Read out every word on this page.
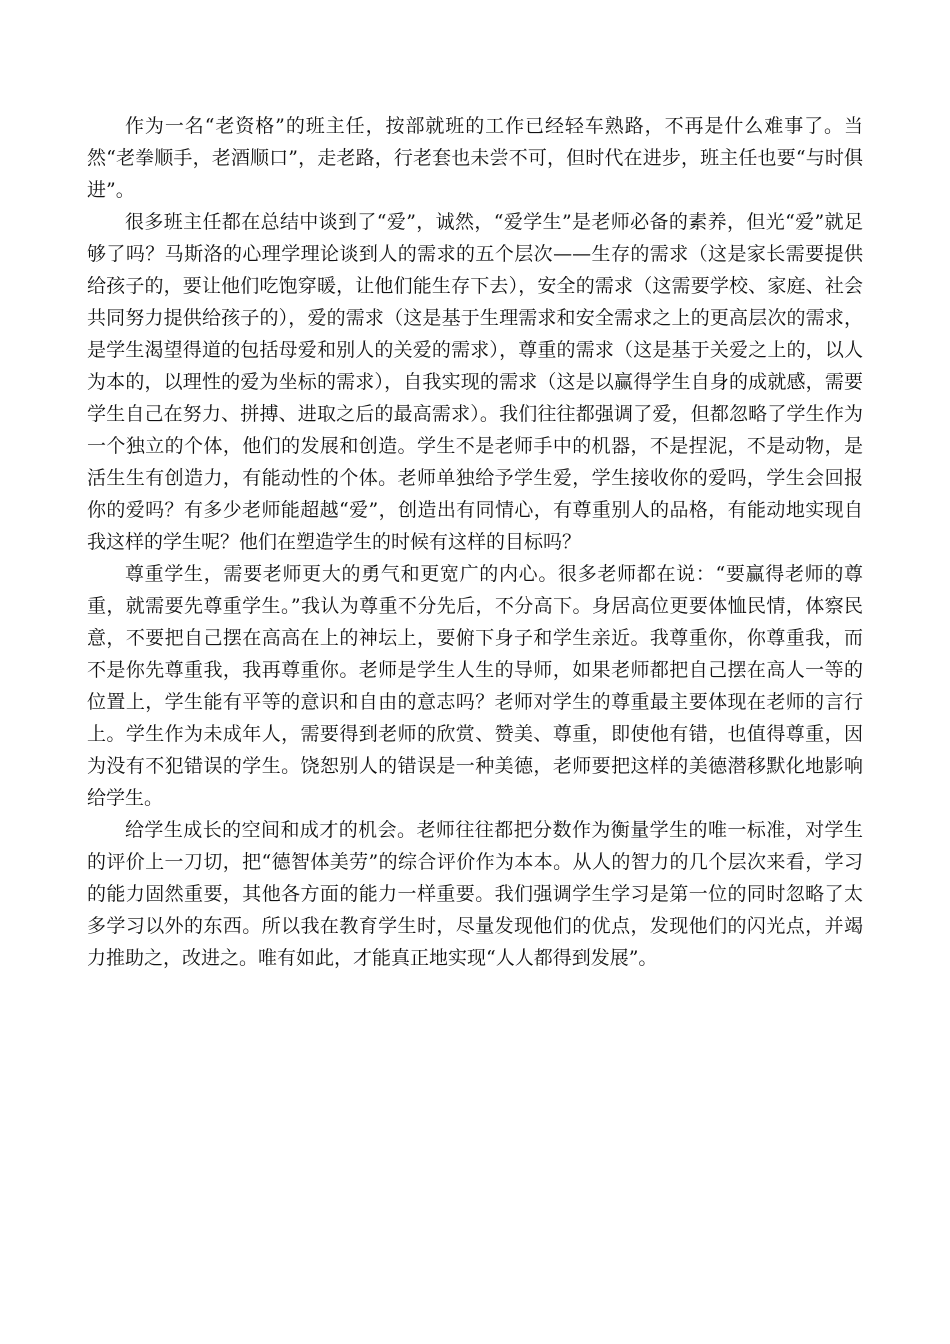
作为一名“老资格”的班主任，按部就班的工作已经轻车熟路，不再是什么难事了。当然“老拳顺手，老酒顺口”，走老路，行老套也未尝不可，但时代在进步，班主任也要“与时俱进”。

很多班主任都在总结中谈到了“爱”，诚然，“爱学生”是老师必备的素养，但光“爱”就足够了吗？马斯洛的心理学理论谈到人的需求的五个层次——生存的需求（这是家长需要提供给孩子的，要让他们吃饱穿暖，让他们能生存下去），安全的需求（这需要学校、家庭、社会共同努力提供给孩子的），爱的需求（这是基于生理需求和安全需求之上的更高层次的需求，是学生渴望得道的包括母爱和别人的关爱的需求），尊重的需求（这是基于关爱之上的，以人为本的，以理性的爱为坐标的需求），自我实现的需求（这是以赢得学生自身的成就感，需要学生自己在努力、拼搏、进取之后的最高需求）。我们往往都强调了爱，但都忽略了学生作为一个独立的个体，他们的发展和创造。学生不是老师手中的机器，不是捏泥，不是动物，是活生生有创造力，有能动性的个体。老师单独给予学生爱，学生接收你的爱吗，学生会回报你的爱吗？有多少老师能超越“爱”，创造出有同情心，有尊重别人的品格，有能动地实现自我这样的学生呢？他们在塑造学生的时候有这样的目标吗？

尊重学生，需要老师更大的勇气和更宽广的内心。很多老师都在说：“要赢得老师的尊重，就需要先尊重学生。”我认为尊重不分先后，不分高下。身居高位更要体恤民情，体察民意，不要把自己摆在高高在上的神坛上，要俯下身子和学生亲近。我尊重你，你尊重我，而不是你先尊重我，我再尊重你。老师是学生人生的导师，如果老师都把自己摆在高人一等的位置上，学生能有平等的意识和自由的意志吗？老师对学生的尊重最主要体现在老师的言行上。学生作为未成年人，需要得到老师的欣赏、赞美、尊重，即使他有错，也值得尊重，因为没有不犯错误的学生。饶恕别人的错误是一种美德，老师要把这样的美德潜移默化地影响给学生。

给学生成长的空间和成才的机会。老师往往都把分数作为衡量学生的唯一标准，对学生的评价上一刀切，把“德智体美劳”的综合评价作为本本。从人的智力的几个层次来看，学习的能力固然重要，其他各方面的能力一样重要。我们强调学生学习是第一位的同时忽略了太多学习以外的东西。所以我在教育学生时，尽量发现他们的优点，发现他们的闪光点，并竭力推助之，改进之。唯有如此，才能真正地实现“人人都得到发展”。
